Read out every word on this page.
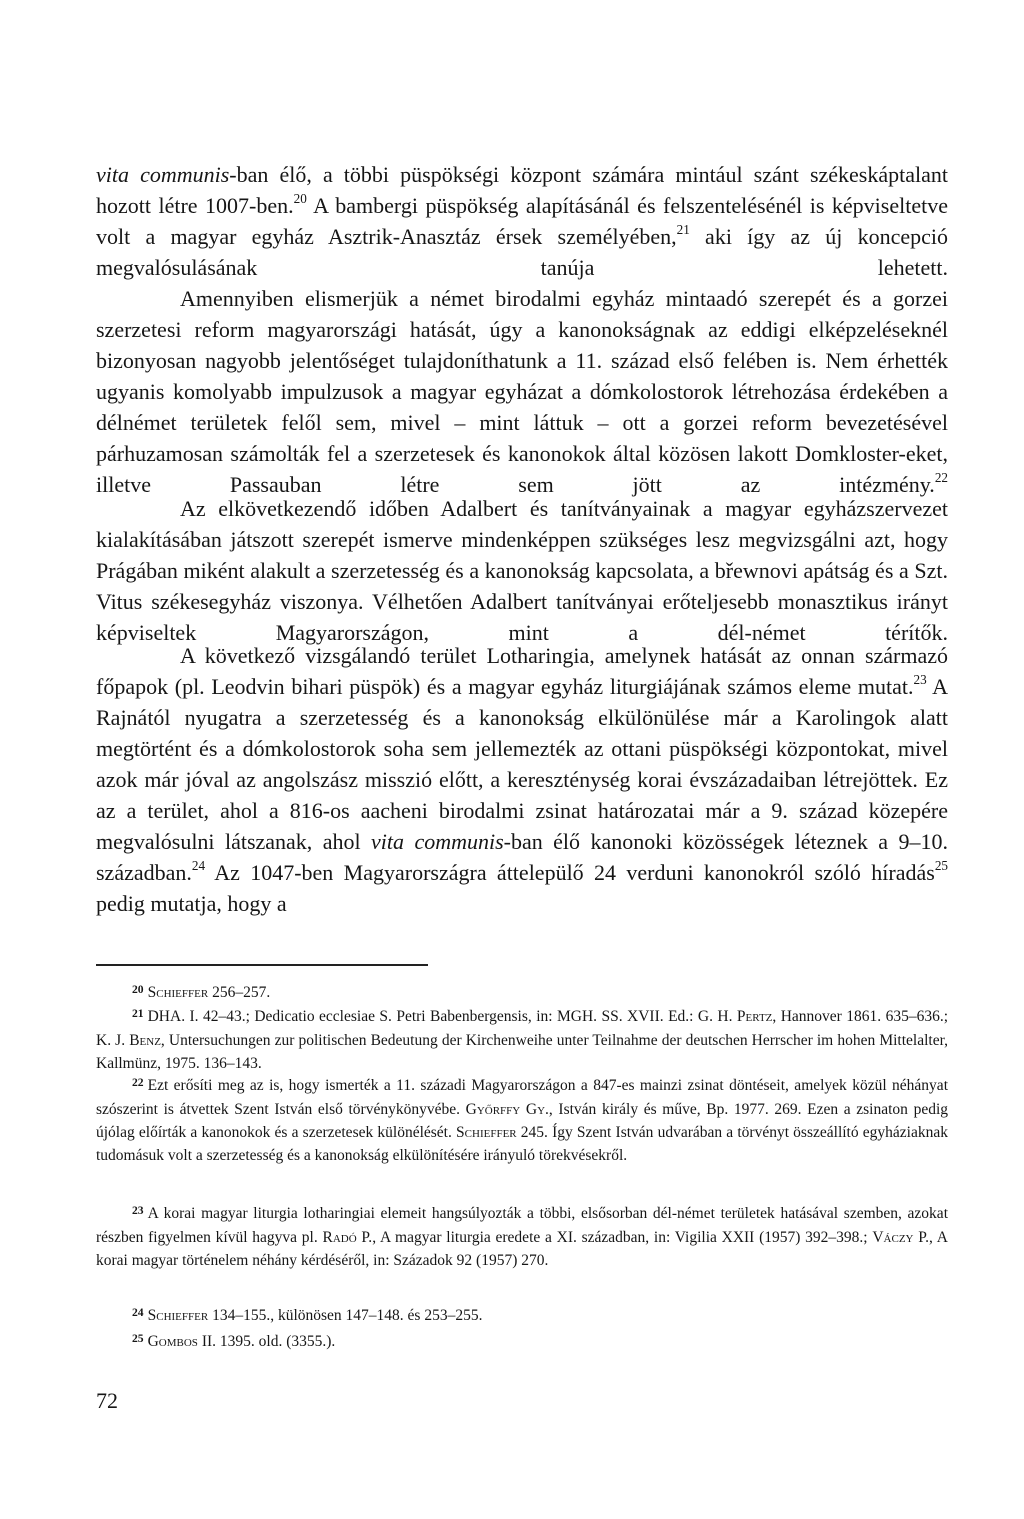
vita communis-ban élő, a többi püspökségi központ számára mintául szánt székeskáptalant hozott létre 1007-ben.$^{20}$ A bambergi püspökség alapításánál és felszentelésénél is képviseltetve volt a magyar egyház Asztrik-Anasztáz érsek személyében,$^{21}$ aki így az új koncepció megvalósulásának tanúja lehetett.

Amennyiben elismerjük a német birodalmi egyház mintaadó szerepét és a gorzei szerzetesi reform magyarországi hatását, úgy a kanonokságnak az eddigi elképzeléseknél bizonyosan nagyobb jelentőséget tulajdoníthatunk a 11. század első felében is. Nem érhették ugyanis komolyabb impulzusok a magyar egyházat a dómkolostorok létrehozása érdekében a délnémet területek felől sem, mivel – mint láttuk – ott a gorzei reform bevezetésével párhuzamosan számolták fel a szerzetesek és kanonokok által közösen lakott Domkloster-eket, illetve Passauban létre sem jött az intézmény.$^{22}$

Az elkövetkezendő időben Adalbert és tanítványainak a magyar egyházszervezet kialakításában játszott szerepét ismerve mindenképpen szükséges lesz megvizsgálni azt, hogy Prágában miként alakult a szerzetesség és a kanonokság kapcsolata, a břewnovi apátság és a Szt. Vitus székesegyház viszonya. Vélhetően Adalbert tanítványai erőteljesebb monasztikus irányt képviseltek Magyarországon, mint a dél-német térítők.

A következő vizsgálandó terület Lotharingia, amelynek hatását az onnan származó főpapok (pl. Leodvin bihari püspök) és a magyar egyház liturgiájának számos eleme mutat.$^{23}$ A Rajnától nyugatra a szerzetesség és a kanonokság elkülönülése már a Karolingok alatt megtörtént és a dómkolostorok soha sem jellemezték az ottani püspökségi központokat, mivel azok már jóval az angolszász misszió előtt, a kereszténység korai évszázadaiban létrejöttek. Ez az a terület, ahol a 816-os aacheni birodalmi zsinat határozatai már a 9. század közepére megvalósulni látszanak, ahol vita communis-ban élő kanonoki közösségek léteznek a 9–10. században.$^{24}$ Az 1047-ben Magyarországra áttelepülő 24 verduni kanonokról szóló híradás$^{25}$ pedig mutatja, hogy a

$^{20}$ Schieffer 256–257.

$^{21}$ DHA. I. 42–43.; Dedicatio ecclesiae S. Petri Babenbergensis, in: MGH. SS. XVII. Ed.: G. H. Pertz, Hannover 1861. 635–636.; K. J. Benz, Untersuchungen zur politischen Bedeutung der Kirchenweihe unter Teilnahme der deutschen Herrscher im hohen Mittelalter, Kallmünz, 1975. 136–143.

$^{22}$ Ezt erősíti meg az is, hogy ismerték a 11. századi Magyarországon a 847-es mainzi zsinat döntéseit, amelyek közül néhányat szószerint is átvettek Szent István első törvénykönyvébe. Győrffy Gy., István király és műve, Bp. 1977. 269. Ezen a zsinaton pedig újólag előírták a kanonokok és a szerzetesek különélését. Schieffer 245. Így Szent István udvarában a törvényt összeállító egyháziaknak tudomásuk volt a szerzetesség és a kanonokság elkülönítésére irányuló törekvésekről.

$^{23}$ A korai magyar liturgia lotharingiai elemeit hangsúlyozták a többi, elsősorban dél-német területek hatásával szemben, azokat részben figyelmen kívül hagyva pl. Radó P., A magyar liturgia eredete a XI. században, in: Vigilia XXII (1957) 392–398.; Váczy P., A korai magyar történelem néhány kérdéséről, in: Századok 92 (1957) 270.

$^{24}$ Schieffer 134–155., különösen 147–148. és 253–255.

$^{25}$ Gombos II. 1395. old. (3355.).

72
